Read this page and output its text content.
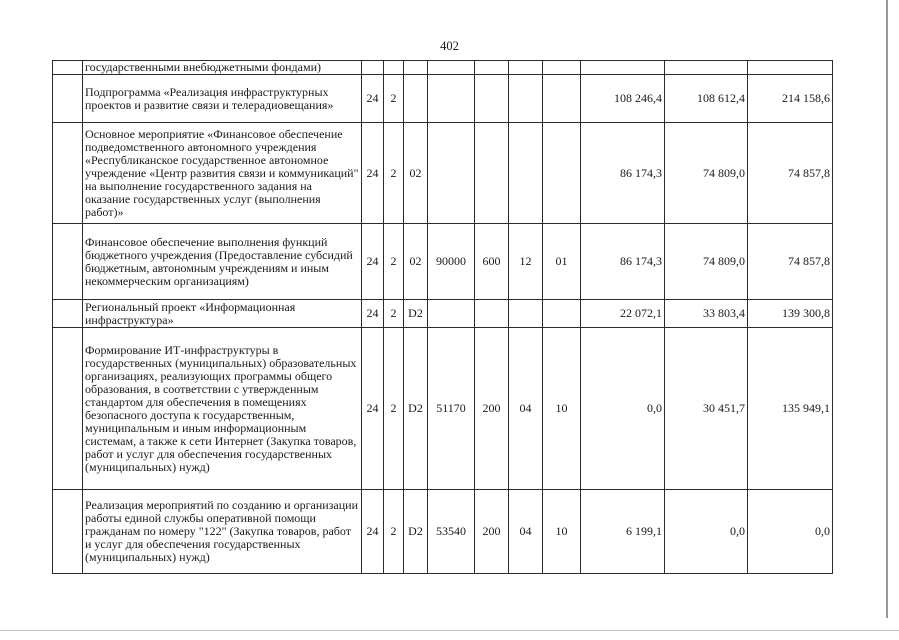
402
	государственными внебюджетными фондами)										
	Подпрограмма «Реализация инфраструктурных проектов и развитие связи и телерадиовещания»	24	2						108 246,4	108 612,4	214 158,6
	Основное мероприятие «Финансовое обеспечение подведомственного автономного учреждения «Республиканское государственное автономное учреждение «Центр развития связи и коммуникаций" на выполнение государственного задания на оказание государственных услуг (выполнения работ)»	24	2	02					86 174,3	74 809,0	74 857,8
	Финансовое обеспечение выполнения функций бюджетного учреждения (Предоставление субсидий бюджетным, автономным учреждениям и иным некоммерческим организациям)	24	2	02	90000	600	12	01	86 174,3	74 809,0	74 857,8
	Региональный проект «Информационная инфраструктура»	24	2	D2					22 072,1	33 803,4	139 300,8
	Формирование ИТ-инфраструктуры в государственных (муниципальных) образовательных организациях, реализующих программы общего образования, в соответствии с утвержденным стандартом для обеспечения в помещениях безопасного доступа к государственным, муниципальным и иным информационным системам, а также к сети Интернет (Закупка товаров, работ и услуг для обеспечения государственных (муниципальных) нужд)	24	2	D2	51170	200	04	10	0,0	30 451,7	135 949,1
	Реализация мероприятий по созданию и организации работы единой службы оперативной помощи гражданам по номеру "122" (Закупка товаров, работ и услуг для обеспечения государственных (муниципальных) нужд)	24	2	D2	53540	200	04	10	6 199,1	0,0	0,0
